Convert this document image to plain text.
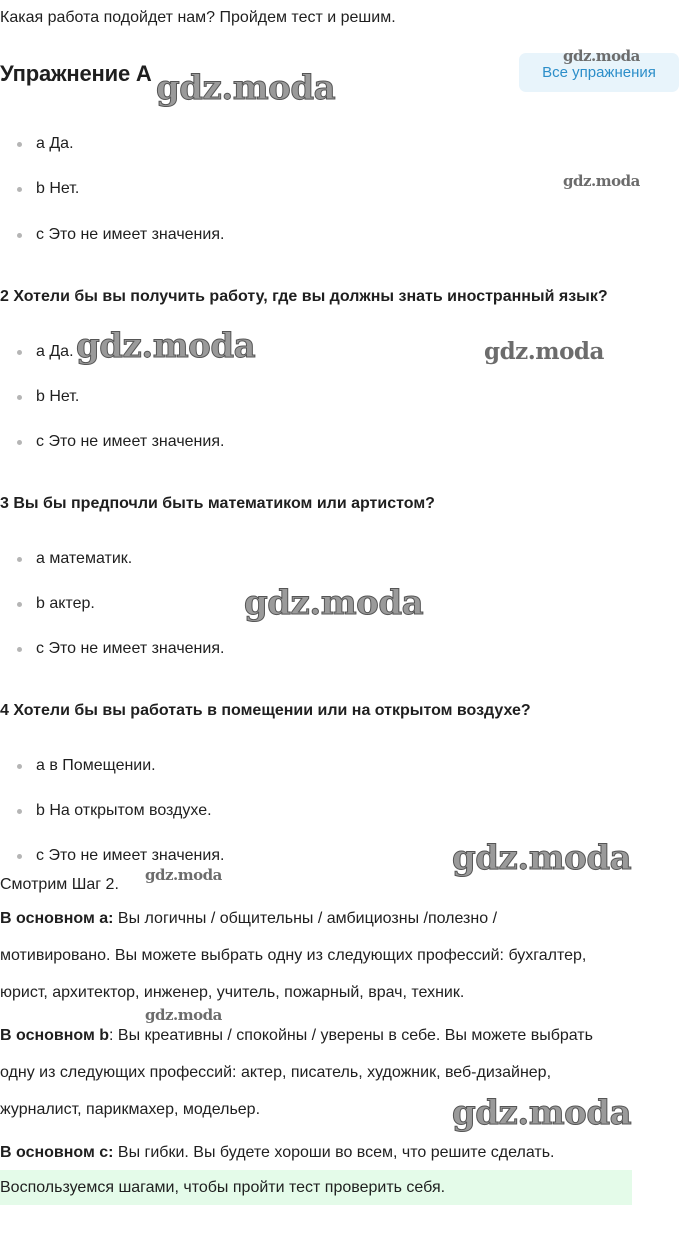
Какая работа подойдет нам? Пройдем тест и решим.
Упражнение A	Все упражнения
a Да.
b Нет.
c Это не имеет значения.
2 Хотели бы вы получить работу, где вы должны знать иностранный язык?
a Да.
b Нет.
c Это не имеет значения.
3 Вы бы предпочли быть математиком или артистом?
a математик.
b актер.
c Это не имеет значения.
4 Хотели бы вы работать в помещении или на открытом воздухе?
a в Помещении.
b На открытом воздухе.
c Это не имеет значения.
Смотрим Шаг 2.
В основном а: Вы логичны / общительны / амбициозны /полезно /
мотивировано. Вы можете выбрать одну из следующих профессий: бухгалтер,
юрист, архитектор, инженер, учитель, пожарный, врач, техник.
В основном b: Вы креативны / спокойны / уверены в себе. Вы можете выбрать
одну из следующих профессий: актер, писатель, художник, веб-дизайнер,
журналист, парикмахер, модельер.
В основном с: Вы гибки. Вы будете хороши во всем, что решите сделать.
Воспользуемся шагами, чтобы пройти тест проверить себя.
gdz.moda
gdz.moda
gdz.moda
gdz.moda	gdz.moda
gdz.moda
gdz.moda
gdz.moda
gdz.moda
gdz.moda
